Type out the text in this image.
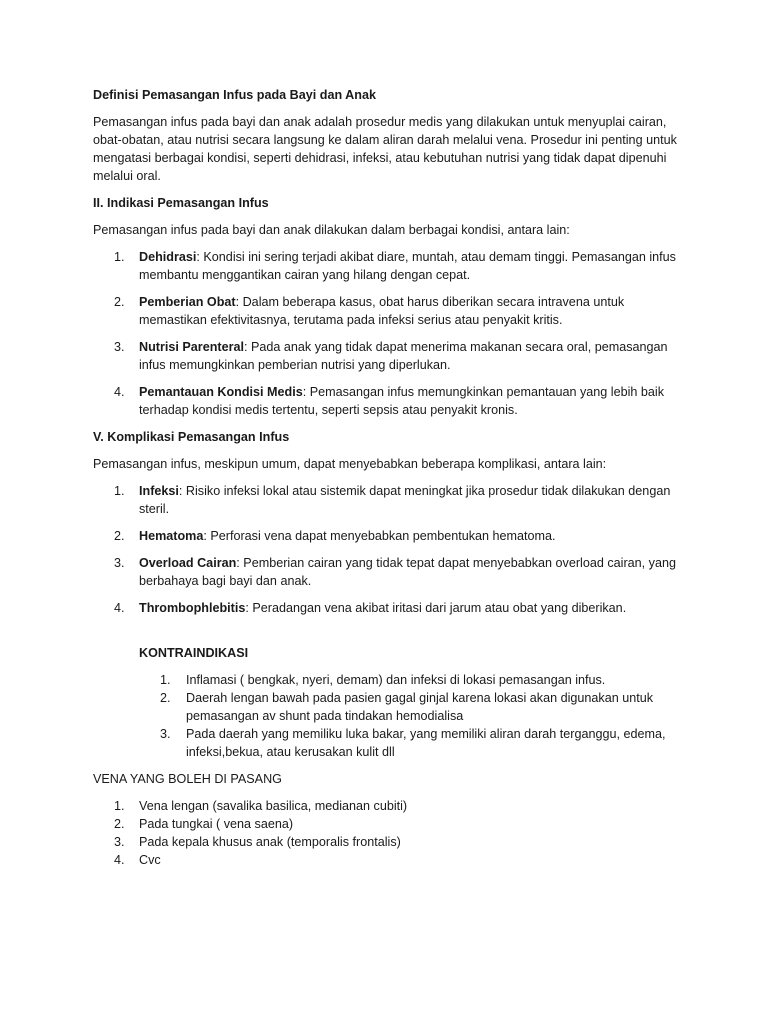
Definisi Pemasangan Infus pada Bayi dan Anak

Pemasangan infus pada bayi dan anak adalah prosedur medis yang dilakukan untuk menyuplai cairan, obat-obatan, atau nutrisi secara langsung ke dalam aliran darah melalui vena. Prosedur ini penting untuk mengatasi berbagai kondisi, seperti dehidrasi, infeksi, atau kebutuhan nutrisi yang tidak dapat dipenuhi melalui oral.

II. Indikasi Pemasangan Infus

Pemasangan infus pada bayi dan anak dilakukan dalam berbagai kondisi, antara lain:

1. Dehidrasi: Kondisi ini sering terjadi akibat diare, muntah, atau demam tinggi. Pemasangan infus membantu menggantikan cairan yang hilang dengan cepat.
2. Pemberian Obat: Dalam beberapa kasus, obat harus diberikan secara intravena untuk memastikan efektivitasnya, terutama pada infeksi serius atau penyakit kritis.
3. Nutrisi Parenteral: Pada anak yang tidak dapat menerima makanan secara oral, pemasangan infus memungkinkan pemberian nutrisi yang diperlukan.
4. Pemantauan Kondisi Medis: Pemasangan infus memungkinkan pemantauan yang lebih baik terhadap kondisi medis tertentu, seperti sepsis atau penyakit kronis.
V. Komplikasi Pemasangan Infus

Pemasangan infus, meskipun umum, dapat menyebabkan beberapa komplikasi, antara lain:

1. Infeksi: Risiko infeksi lokal atau sistemik dapat meningkat jika prosedur tidak dilakukan dengan steril.
2. Hematoma: Perforasi vena dapat menyebabkan pembentukan hematoma.
3. Overload Cairan: Pemberian cairan yang tidak tepat dapat menyebabkan overload cairan, yang berbahaya bagi bayi dan anak.
4. Thrombophlebitis: Peradangan vena akibat iritasi dari jarum atau obat yang diberikan.
KONTRAINDIKASI
1. Inflamasi ( bengkak, nyeri, demam) dan infeksi di lokasi pemasangan infus.
2. Daerah lengan bawah pada pasien gagal ginjal karena lokasi akan digunakan untuk pemasangan av shunt pada tindakan hemodialisa
3. Pada daerah yang memiliku luka bakar, yang memiliki aliran darah terganggu, edema, infeksi,bekua, atau kerusakan kulit dll

VENA YANG BOLEH DI PASANG

1. Vena lengan (savalika basilica, medianan cubiti)
2. Pada tungkai ( vena saena)
3. Pada kepala khusus anak (temporalis frontalis)
4. Cvc
